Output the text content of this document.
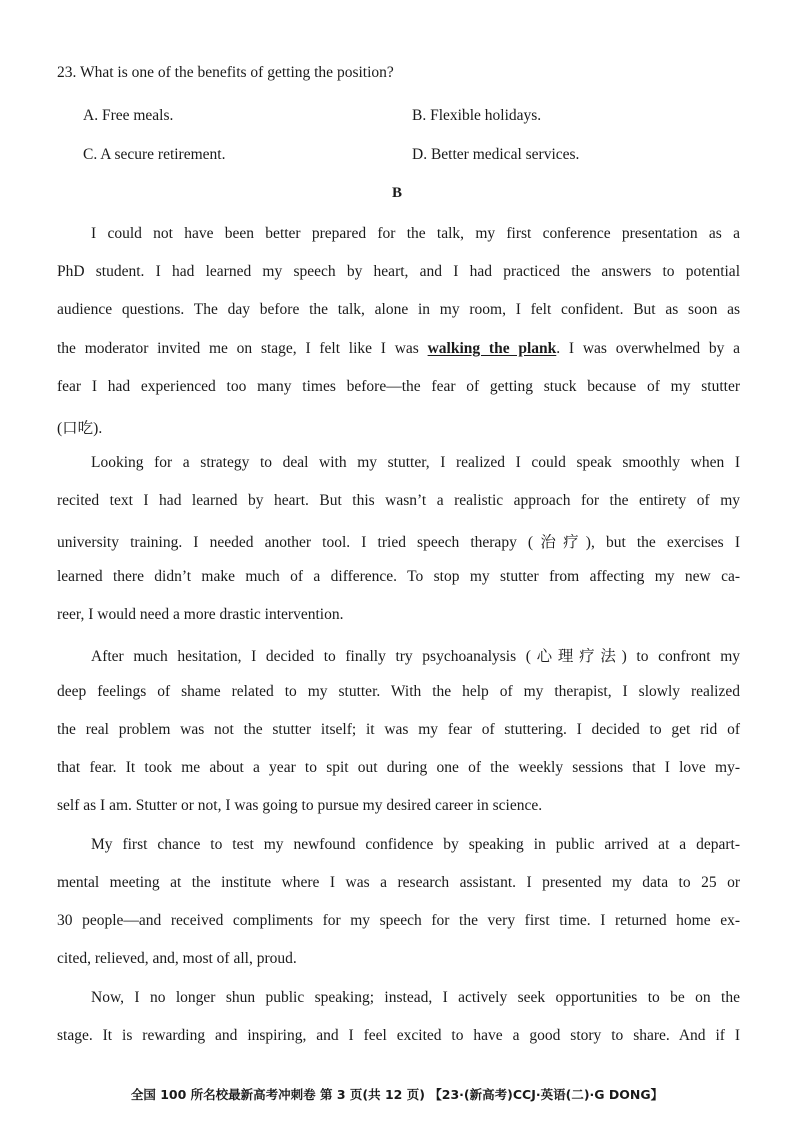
23. What is one of the benefits of getting the position?
A. Free meals.	B. Flexible holidays.
C. A secure retirement.	D. Better medical services.
B
I could not have been better prepared for the talk, my first conference presentation as a
PhD student. I had learned my speech by heart, and I had practiced the answers to potential
audience questions. The day before the talk, alone in my room, I felt confident. But as soon as
the moderator invited me on stage, I felt like I was walking the plank. I was overwhelmed by a
fear I had experienced too many times before—the fear of getting stuck because of my stutter
(口吃).
Looking for a strategy to deal with my stutter, I realized I could speak smoothly when I
recited text I had learned by heart. But this wasn’t a realistic approach for the entirety of my
university training. I needed another tool. I tried speech therapy (治疗), but the exercises I
learned there didn’t make much of a difference. To stop my stutter from affecting my new ca-
reer, I would need a more drastic intervention.
After much hesitation, I decided to finally try psychoanalysis (心理疗法) to confront my
deep feelings of shame related to my stutter. With the help of my therapist, I slowly realized
the real problem was not the stutter itself; it was my fear of stuttering. I decided to get rid of
that fear. It took me about a year to spit out during one of the weekly sessions that I love my-
self as I am. Stutter or not, I was going to pursue my desired career in science.
My first chance to test my newfound confidence by speaking in public arrived at a depart-
mental meeting at the institute where I was a research assistant. I presented my data to 25 or
30 people—and received compliments for my speech for the very first time. I returned home ex-
cited, relieved, and, most of all, proud.
Now, I no longer shun public speaking; instead, I actively seek opportunities to be on the
stage. It is rewarding and inspiring, and I feel excited to have a good story to share. And if I
全国 100 所名校最新高考冲刺卷 第 3 页(共 12 页) 【23·(新高考)CCJ·英语(二)·G DONG】
